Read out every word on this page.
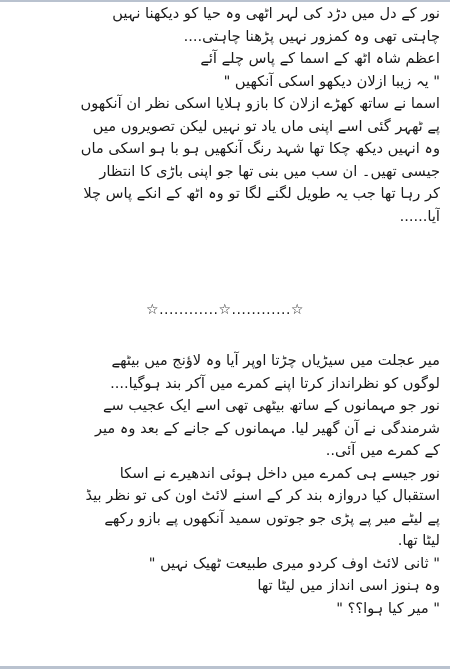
نور کے دل میں دڑد کی لہر اٹھی وہ حیا کو دیکھنا نہیں

چاہتی تھی وہ کمزور نہیں پڑھنا چاہتی....

اعظم شاہ اٹھ کے اسما کے پاس چلے آئے

" یہ زیبا ازلان دیکھو اسکی آنکھیں "

اسما نے ساتھ کھڑے ازلان کا بازو ہلایا اسکی نظر ان آنکھوں

پے ٹھہر گئی اسے اپنی ماں یاد تو نہیں لیکن تصویروں میں

وہ انہیں دیکھ چکا تھا شہد رنگ آنکھیں ہو با ہو اسکی ماں

جیسی تھیں۔ ان سب میں بنی تھا جو اپنی باڑی کا انتظار

کر رہا تھا جب یہ طویل لگنے لگا تو وہ اٹھ کے انکے پاس چلا

آیا......

☆............☆............☆

میر عجلت میں سیڑیاں چڑتا اوپر آیا وہ لاؤنج میں بیٹھے

لوگوں کو نظرانداز کرتا اپنے کمرے میں آکر بند ہوگیا....

نور جو مہمانوں کے ساتھ بیٹھی تھی اسے ایک عجیب سے

شرمندگی نے آن گھیر لیا. مہمانوں کے جانے کے بعد وہ میر

کے کمرے میں آئی..

نور جیسے ہی کمرے میں داخل ہوئی اندھیرے نے اسکا

استقبال کیا دروازہ بند کر کے اسنے لائٹ اون کی تو نظر بیڈ

پے لیٹے میر پے پڑی جو جوتوں سمید آنکھوں پے بازو رکھے

لیٹا تھا.

" ثانی لائٹ اوف کردو میری طبیعت ٹھیک نہیں "

وہ ہنوز اسی انداز میں لیٹا تھا

" میر کیا ہوا؟؟ "
